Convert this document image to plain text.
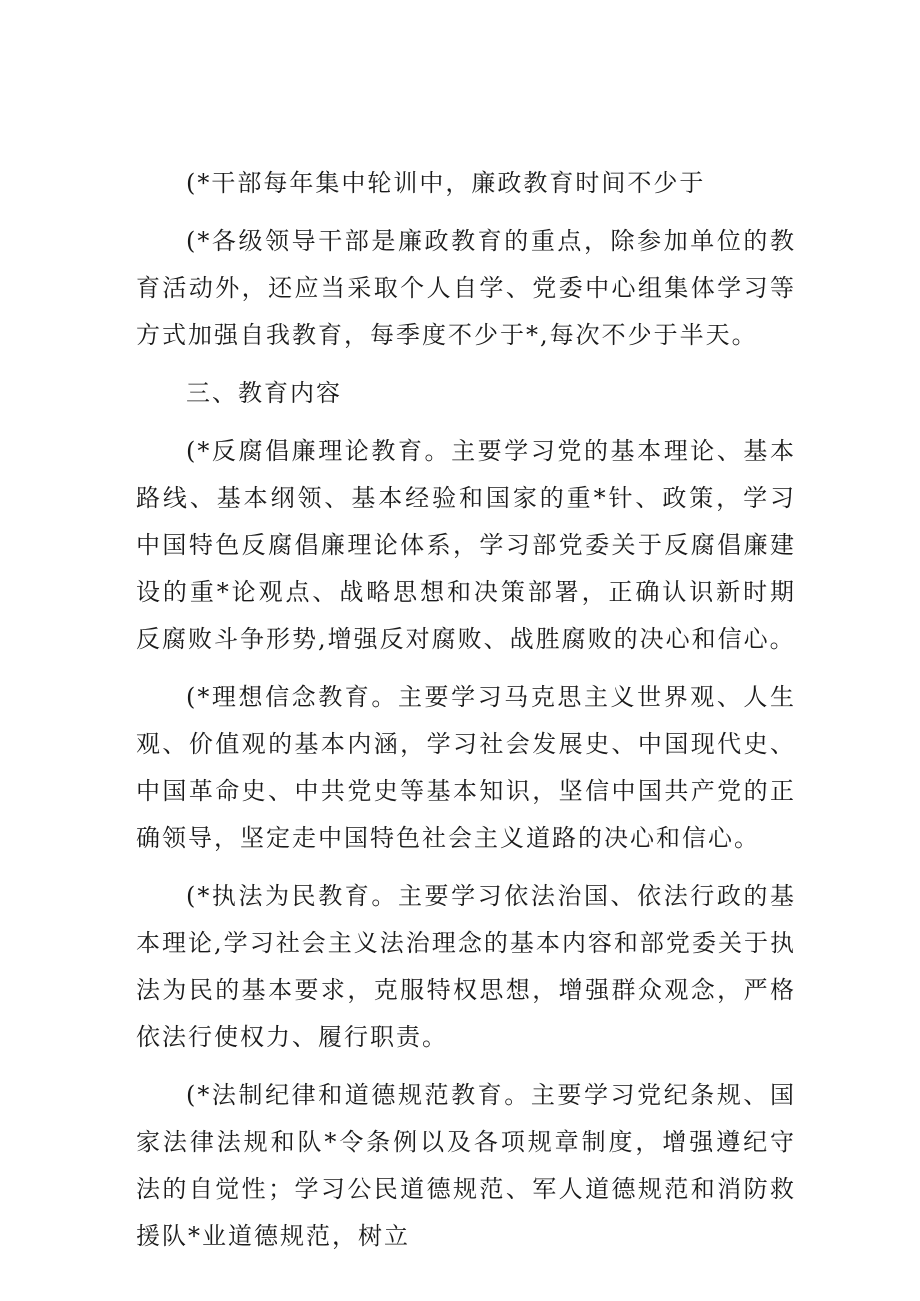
(*干部每年集中轮训中，廉政教育时间不少于

(*各级领导干部是廉政教育的重点，除参加单位的教育活动外，还应当采取个人自学、党委中心组集体学习等方式加强自我教育，每季度不少于*,每次不少于半天。

三、教育内容

(*反腐倡廉理论教育。主要学习党的基本理论、基本路线、基本纲领、基本经验和国家的重*针、政策，学习中国特色反腐倡廉理论体系，学习部党委关于反腐倡廉建设的重*论观点、战略思想和决策部署，正确认识新时期反腐败斗争形势,增强反对腐败、战胜腐败的决心和信心。

(*理想信念教育。主要学习马克思主义世界观、人生观、价值观的基本内涵，学习社会发展史、中国现代史、中国革命史、中共党史等基本知识，坚信中国共产党的正确领导，坚定走中国特色社会主义道路的决心和信心。

(*执法为民教育。主要学习依法治国、依法行政的基本理论,学习社会主义法治理念的基本内容和部党委关于执法为民的基本要求，克服特权思想，增强群众观念，严格依法行使权力、履行职责。

(*法制纪律和道德规范教育。主要学习党纪条规、国家法律法规和队*令条例以及各项规章制度，增强遵纪守法的自觉性；学习公民道德规范、军人道德规范和消防救援队*业道德规范，树立
